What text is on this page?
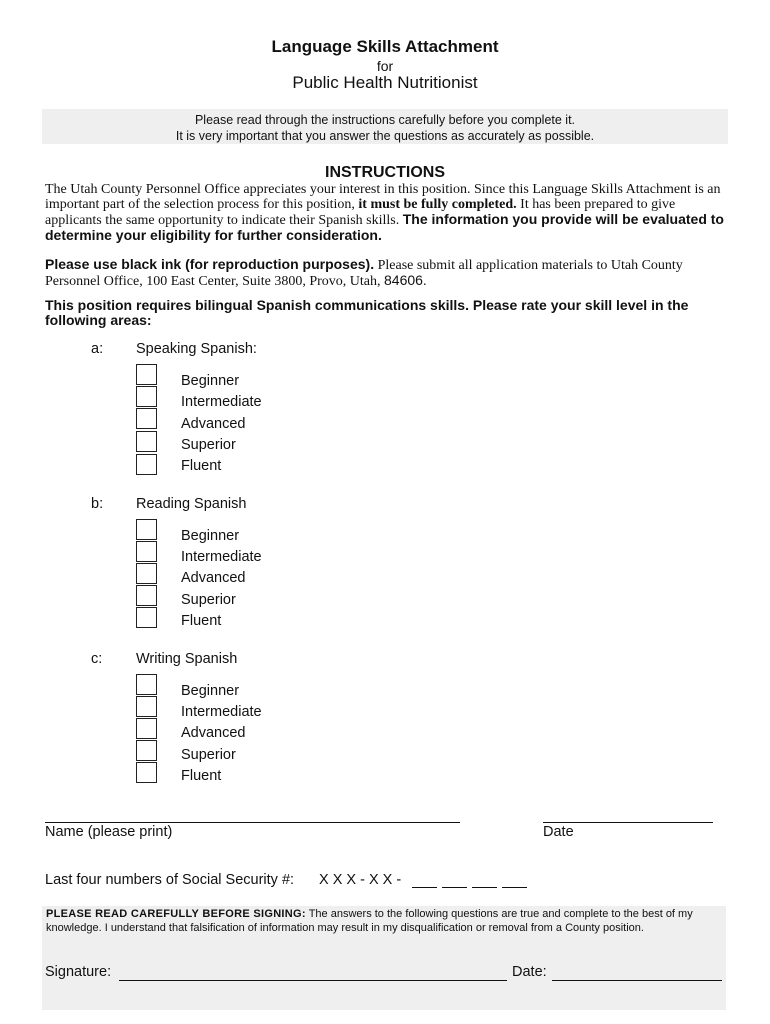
Language Skills Attachment
for
Public Health Nutritionist
Please read through the instructions carefully before you complete it.
It is very important that you answer the questions as accurately as possible.
INSTRUCTIONS
The Utah County Personnel Office appreciates your interest in this position. Since this Language Skills Attachment is an important part of the selection process for this position, it must be fully completed. It has been prepared to give applicants the same opportunity to indicate their Spanish skills. The information you provide will be evaluated to determine your eligibility for further consideration.
Please use black ink (for reproduction purposes). Please submit all application materials to Utah County Personnel Office, 100 East Center, Suite 3800, Provo, Utah, 84606.
This position requires bilingual Spanish communications skills. Please rate your skill level in the following areas:
a: Speaking Spanish:
Beginner
Intermediate
Advanced
Superior
Fluent
b: Reading Spanish
Beginner
Intermediate
Advanced
Superior
Fluent
c: Writing Spanish
Beginner
Intermediate
Advanced
Superior
Fluent
Name (please print)	Date
Last four numbers of Social Security #: X X X - X X -
PLEASE READ CAREFULLY BEFORE SIGNING: The answers to the following questions are true and complete to the best of my knowledge. I understand that falsification of information may result in my disqualification or removal from a County position.
Signature:	Date:
